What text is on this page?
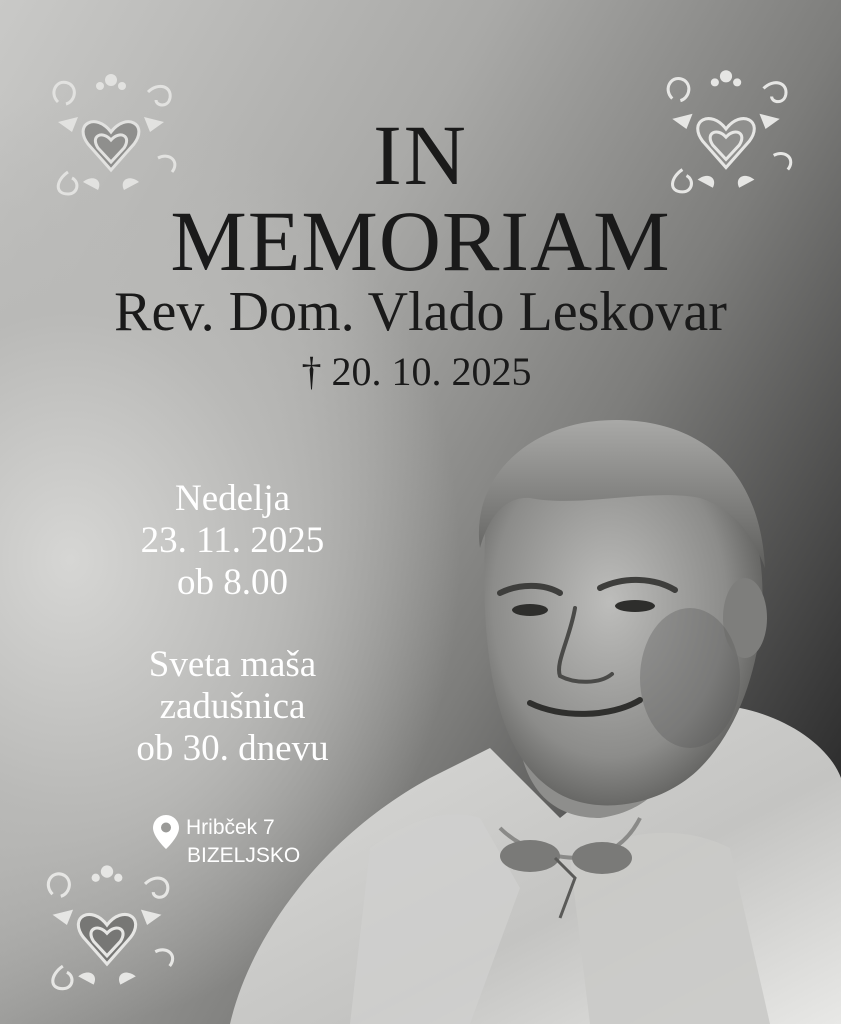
IN
MEMORIAM
Rev. Dom. Vlado Leskovar
† 20. 10. 2025
Nedelja
23. 11. 2025
ob 8.00
Sveta maša
zadušnica
ob 30. dnevu
Hribček 7
BIZELJSKO
